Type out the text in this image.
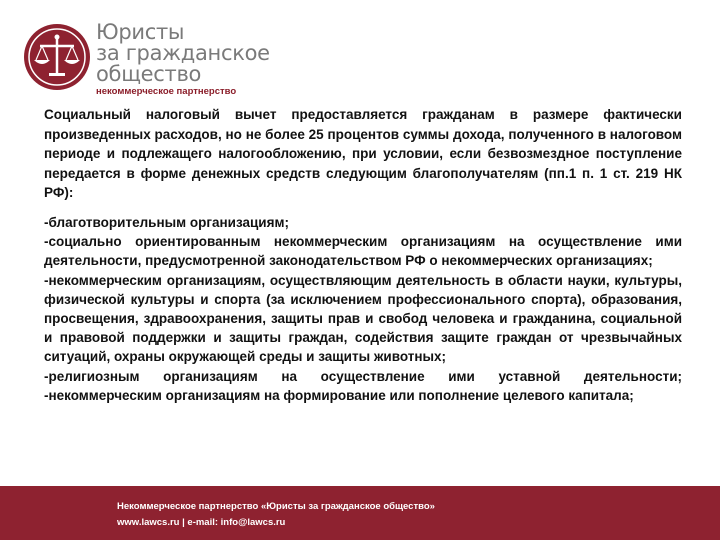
Юристы
за гражданское
общество
некоммерческое партнерство

Социальный налоговый вычет предоставляется гражданам в размере фактически произведенных расходов, но не более 25 процентов суммы дохода, полученного в налоговом периоде и подлежащего налогообложению, при условии, если безвозмездное поступление передается в форме денежных средств следующим благополучателям (пп.1 п. 1 ст. 219 НК РФ):

-благотворительным организациям;
-социально ориентированным некоммерческим организациям на осуществление ими деятельности, предусмотренной законодательством РФ о некоммерческих организациях;
-некоммерческим организациям, осуществляющим деятельность в области науки, культуры, физической культуры и спорта (за исключением профессионального спорта), образования, просвещения, здравоохранения, защиты прав и свобод человека и гражданина, социальной и правовой поддержки и защиты граждан, содействия защите граждан от чрезвычайных ситуаций, охраны окружающей среды и защиты животных;
-религиозным организациям на осуществление ими уставной деятельности; -некоммерческим организациям на формирование или пополнение целевого капитала;
Некоммерческое партнерство «Юристы за гражданское общество»
www.lawcs.ru | e-mail: info@lawcs.ru
